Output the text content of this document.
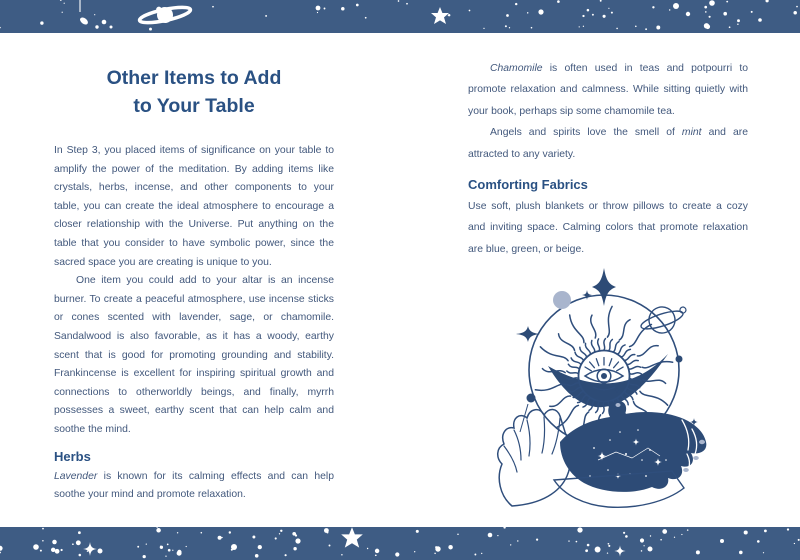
Other Items to Add
to Your Table

In Step 3, you placed items of significance on your table to amplify the power of the meditation. By adding items like crystals, herbs, incense, and other components to your table, you can create the ideal atmosphere to encourage a closer relationship with the Universe. Put anything on the table that you consider to have symbolic power, since the sacred space you are creating is unique to you.

One item you could add to your altar is an incense burner. To create a peaceful atmosphere, use incense sticks or cones scented with lavender, sage, or chamomile. Sandalwood is also favorable, as it has a woody, earthy scent that is good for promoting grounding and stability. Frankincense is excellent for inspiring spiritual growth and connections to otherworldly beings, and finally, myrrh possesses a sweet, earthy scent that can help calm and soothe the mind.

Herbs

Lavender is known for its calming effects and can help soothe your mind and promote relaxation.

Chamomile is often used in teas and potpourri to promote relaxation and calmness. While sitting quietly with your book, perhaps sip some chamomile tea.

Angels and spirits love the smell of mint and are attracted to any variety.

Comforting Fabrics

Use soft, plush blankets or throw pillows to create a cozy and inviting space. Calming colors that promote relaxation are blue, green, or beige.
